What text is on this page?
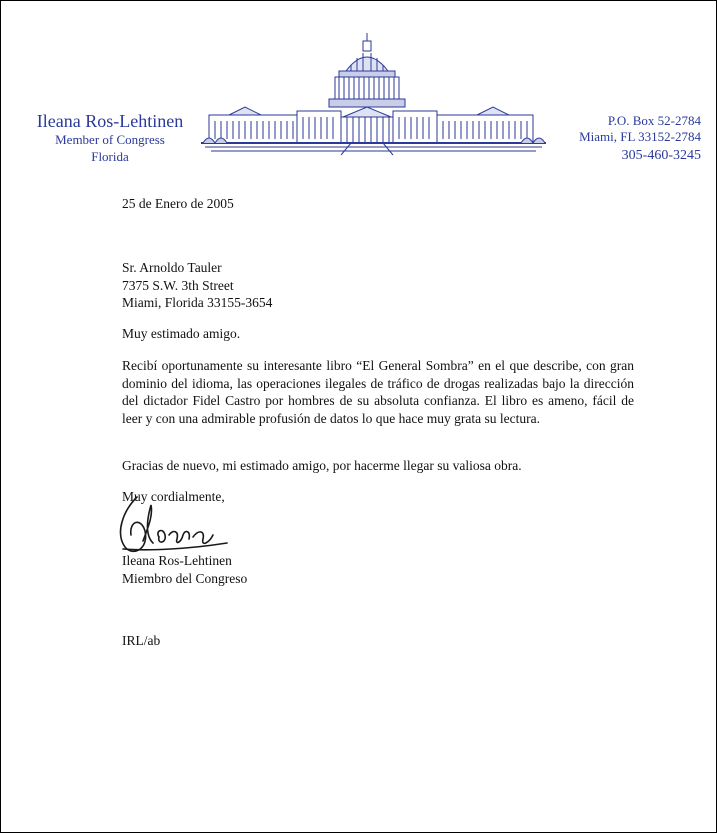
Ileana Ros-Lehtinen
Member of Congress
Florida
P.O. Box 52-2784
Miami, FL 33152-2784
305-460-3245
25 de Enero de 2005
Sr. Arnoldo Tauler
7375 S.W. 3th Street
Miami, Florida 33155-3654
Muy estimado amigo.
Recibí oportunamente su interesante libro “El General Sombra” en el que describe, con gran dominio del idioma, las operaciones ilegales de tráfico de drogas realizadas bajo la dirección del dictador Fidel Castro por hombres de su absoluta confianza. El libro es ameno, fácil de leer y con una admirable profusión de datos lo que hace muy grata su lectura.
Gracias de nuevo, mi estimado amigo, por hacerme llegar su valiosa obra.
Muy cordialmente,
Ileana Ros-Lehtinen
Miembro del Congreso
IRL/ab
